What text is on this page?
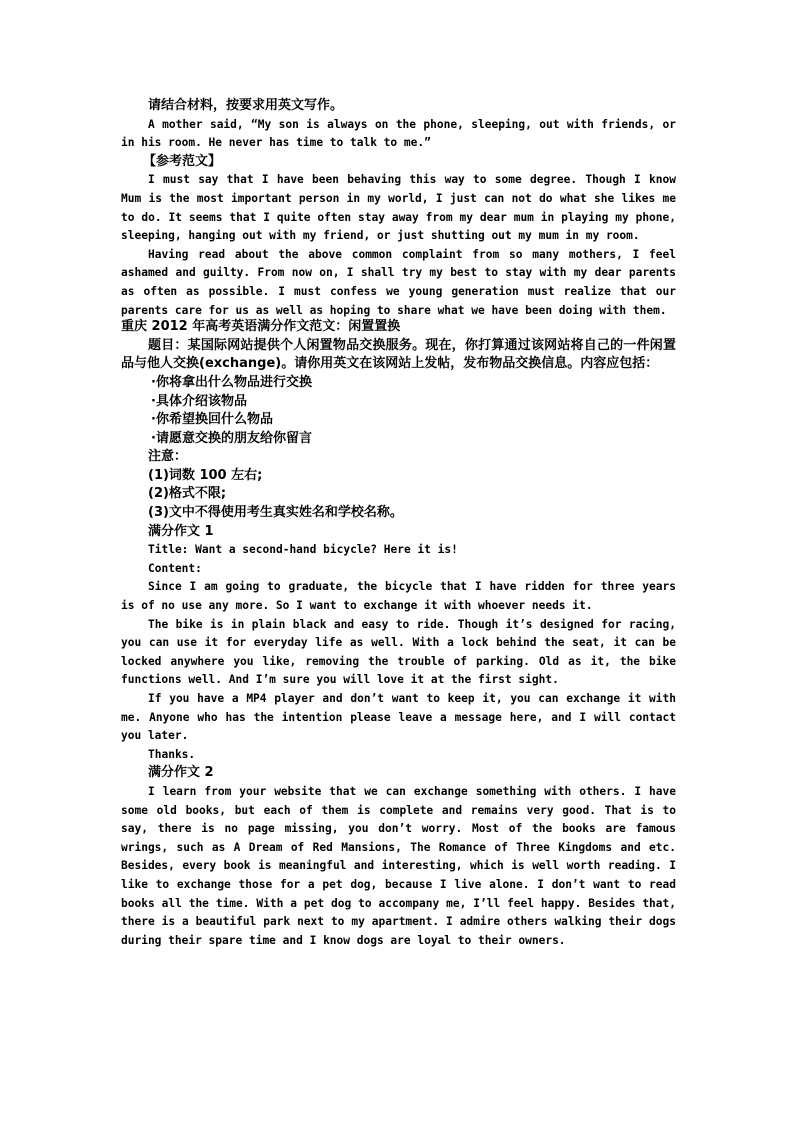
请结合材料，按要求用英文写作。

A mother said, “My son is always on the phone, sleeping, out with friends, or in his room. He never has time to talk to me.”

【参考范文】

I must say that I have been behaving this way to some degree. Though I know Mum is the most important person in my world, I just can not do what she likes me to do. It seems that I quite often stay away from my dear mum in playing my phone, sleeping, hanging out with my friend, or just shutting out my mum in my room.

Having read about the above common complaint from so many mothers, I feel ashamed and guilty. From now on, I shall try my best to stay with my dear parents as often as possible. I must confess we young generation must realize that our parents care for us as well as hoping to share what we have been doing with them.

重庆 2012 年高考英语满分作文范文：闲置置换

题目：某国际网站提供个人闲置物品交换服务。现在，你打算通过该网站将自己的一件闲置品与他人交换(exchange)。请你用英文在该网站上发帖，发布物品交换信息。内容应包括：

·你将拿出什么物品进行交换

·具体介绍该物品

·你希望换回什么物品

·请愿意交换的朋友给你留言

注意：

(1)词数 100 左右;

(2)格式不限;

(3)文中不得使用考生真实姓名和学校名称。

满分作文 1

Title: Want a second-hand bicycle? Here it is!

Content:

Since I am going to graduate, the bicycle that I have ridden for three years is of no use any more. So I want to exchange it with whoever needs it.

The bike is in plain black and easy to ride. Though it’s designed for racing, you can use it for everyday life as well. With a lock behind the seat, it can be locked anywhere you like, removing the trouble of parking. Old as it, the bike functions well. And I’m sure you will love it at the first sight.

If you have a MP4 player and don’t want to keep it, you can exchange it with me. Anyone who has the intention please leave a message here, and I will contact you later.

Thanks.

满分作文 2

I learn from your website that we can exchange something with others. I have some old books, but each of them is complete and remains very good. That is to say, there is no page missing, you don’t worry. Most of the books are famous wrings, such as A Dream of Red Mansions, The Romance of Three Kingdoms and etc. Besides, every book is meaningful and interesting, which is well worth reading. I like to exchange those for a pet dog, because I live alone. I don’t want to read books all the time. With a pet dog to accompany me, I’ll feel happy. Besides that, there is a beautiful park next to my apartment. I admire others walking their dogs during their spare time and I know dogs are loyal to their owners.
